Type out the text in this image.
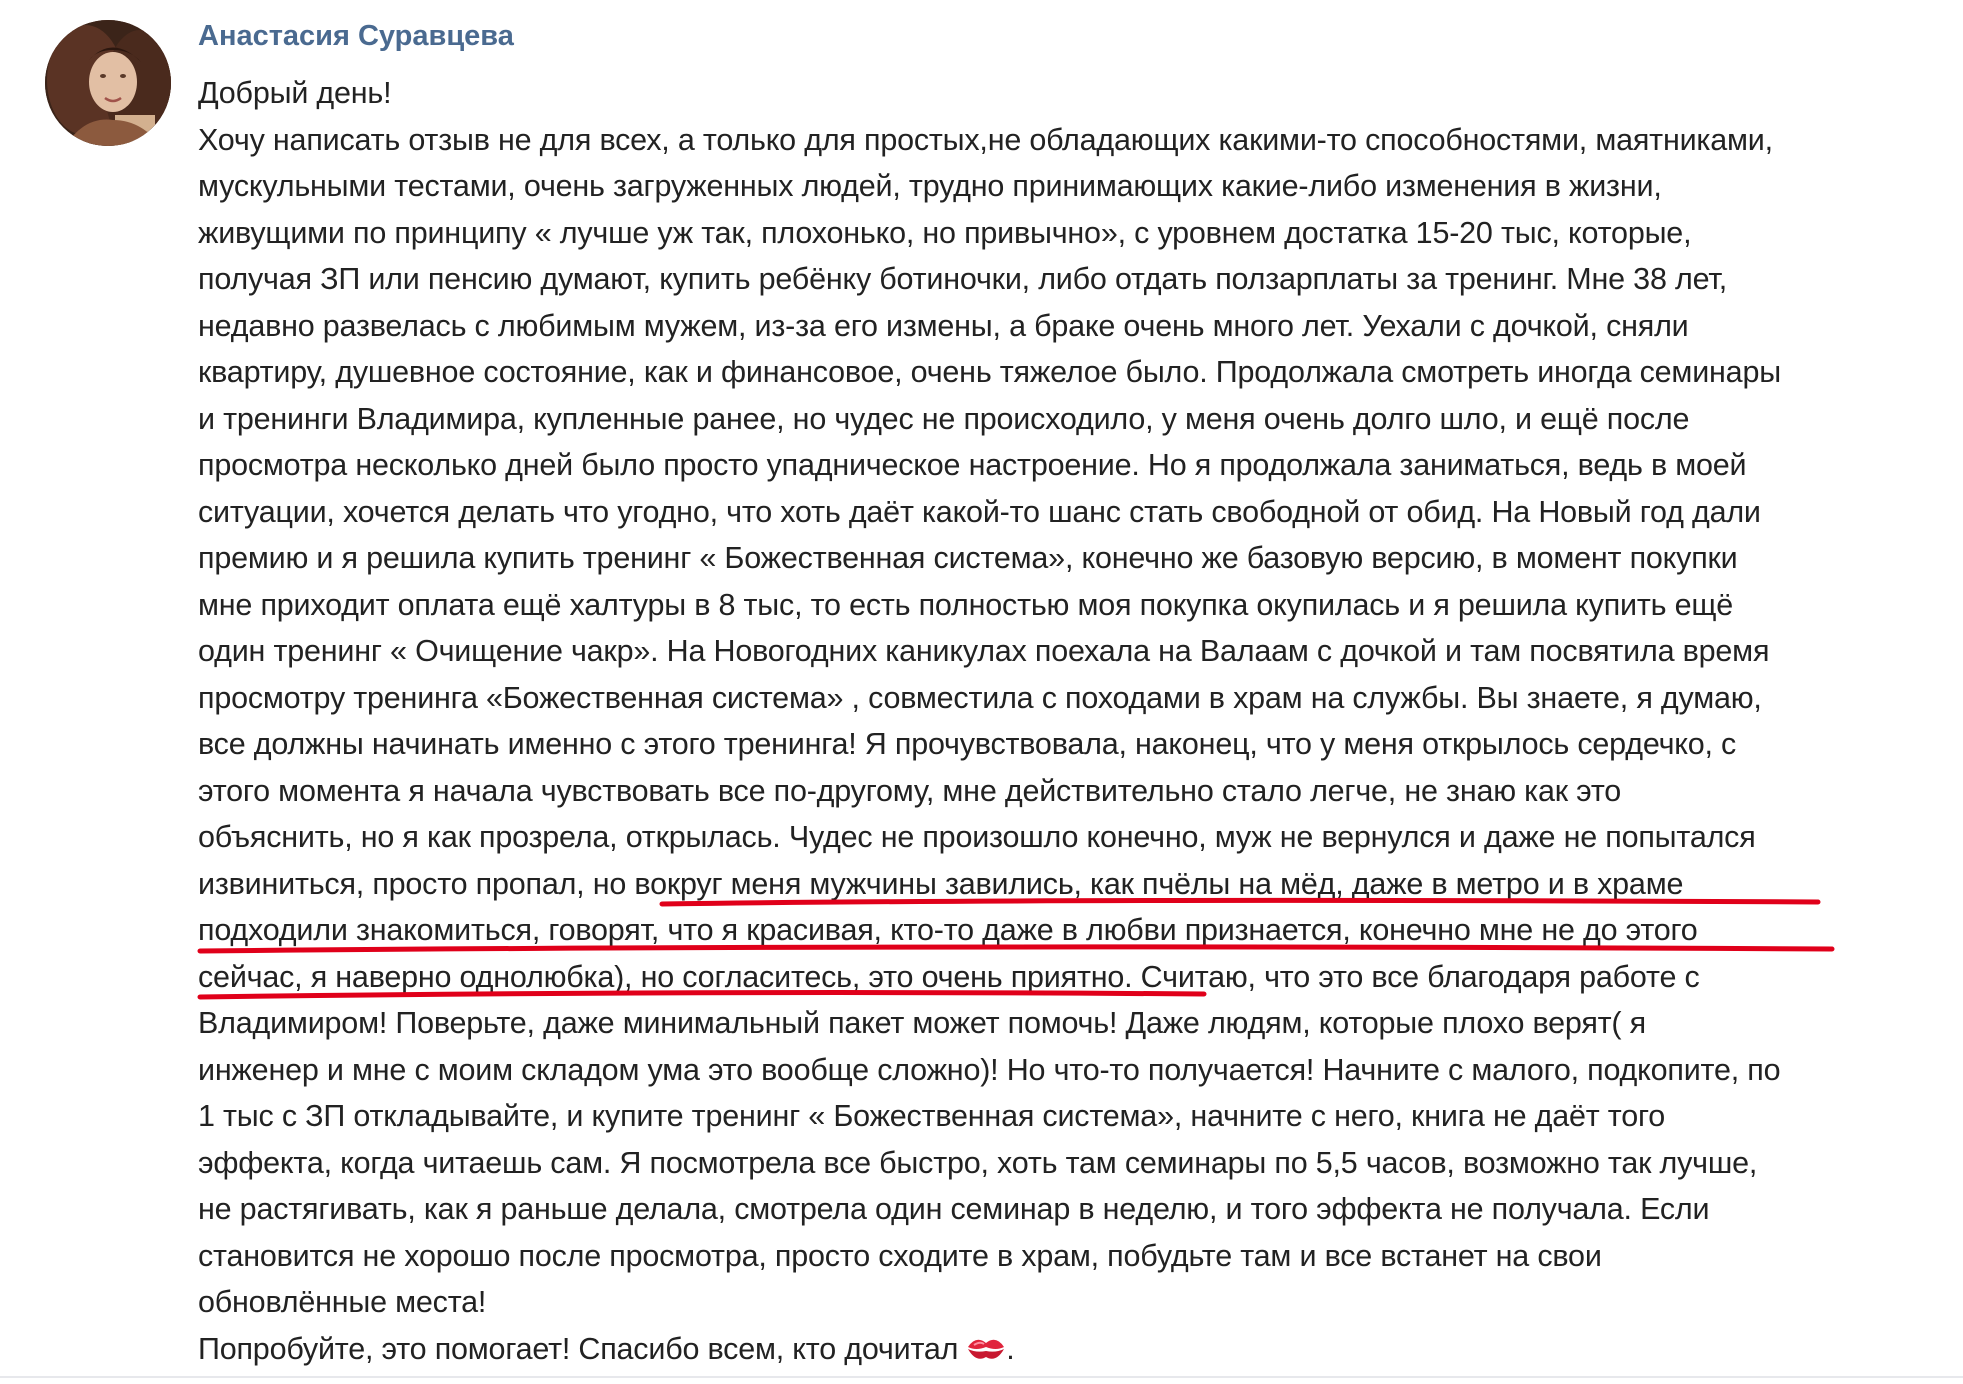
Анастасия Суравцева
Добрый день!
Хочу написать отзыв не для всех, а только для простых,не обладающих какими-то способностями, маятниками,
мускульными тестами, очень загруженных людей, трудно принимающих какие-либо изменения в жизни,
живущими по принципу « лучше уж так, плохонько, но привычно», с уровнем достатка 15-20 тыс, которые,
получая ЗП или пенсию думают, купить ребёнку ботиночки, либо отдать ползарплаты за тренинг. Мне 38 лет,
недавно развелась с любимым мужем, из-за его измены, а браке очень много лет. Уехали с дочкой, сняли
квартиру, душевное состояние, как и финансовое, очень тяжелое было. Продолжала смотреть иногда семинары
и тренинги Владимира, купленные ранее, но чудес не происходило, у меня очень долго шло, и ещё после
просмотра несколько дней было просто упадническое настроение. Но я продолжала заниматься, ведь в моей
ситуации, хочется делать что угодно, что хоть даёт какой-то шанс стать свободной от обид. На Новый год дали
премию и я решила купить тренинг « Божественная система», конечно же базовую версию, в момент покупки
мне приходит оплата ещё халтуры в 8 тыс, то есть полностью моя покупка окупилась и я решила купить ещё
один тренинг « Очищение чакр». На Новогодних каникулах поехала на Валаам с дочкой и там посвятила время
просмотру тренинга «Божественная система» , совместила с походами в храм на службы. Вы знаете, я думаю,
все должны начинать именно с этого тренинга! Я прочувствовала, наконец, что у меня открылось сердечко, с
этого момента я начала чувствовать все по-другому, мне действительно стало легче, не знаю как это
объяснить, но я как прозрела, открылась. Чудес не произошло конечно, муж не вернулся и даже не попытался
извиниться, просто пропал, но вокруг меня мужчины завились, как пчёлы на мёд, даже в метро и в храме
подходили знакомиться, говорят, что я красивая, кто-то даже в любви признается, конечно мне не до этого
сейчас, я наверно однолюбка), но согласитесь, это очень приятно. Считаю, что это все благодаря работе с
Владимиром! Поверьте, даже минимальный пакет может помочь! Даже людям, которые плохо верят( я
инженер и мне с моим складом ума это вообще сложно)! Но что-то получается! Начните с малого, подкопите, по
1 тыс с ЗП откладывайте, и купите тренинг « Божественная система», начните с него, книга не даёт того
эффекта, когда читаешь сам. Я посмотрела все быстро, хоть там семинары по 5,5 часов, возможно так лучше,
не растягивать, как я раньше делала, смотрела один семинар в неделю, и того эффекта не получала. Если
становится не хорошо после просмотра, просто сходите в храм, побудьте там и все встанет на свои
обновлённые места!
Попробуйте, это помогает! Спасибо всем, кто дочитал .
